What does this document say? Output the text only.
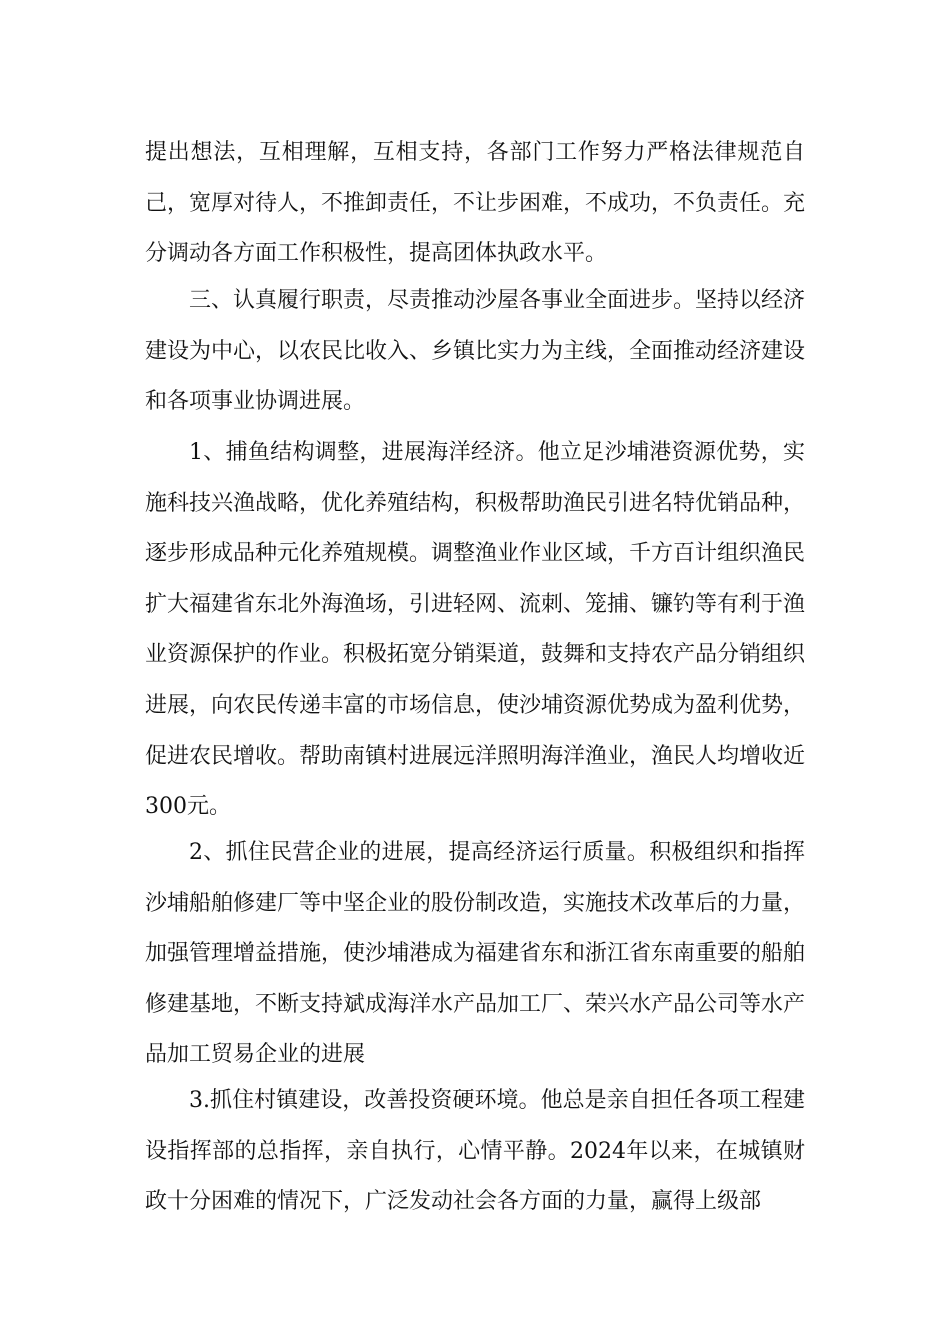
提出想法，互相理解，互相支持，各部门工作努力严格法律规范自己，宽厚对待人，不推卸责任，不让步困难，不成功，不负责任。充分调动各方面工作积极性，提高团体执政水平。

三、认真履行职责，尽责推动沙屋各事业全面进步。坚持以经济建设为中心，以农民比收入、乡镇比实力为主线，全面推动经济建设和各项事业协调进展。

1、捕鱼结构调整，进展海洋经济。他立足沙埔港资源优势，实施科技兴渔战略，优化养殖结构，积极帮助渔民引进名特优销品种，逐步形成品种元化养殖规模。调整渔业作业区域，千方百计组织渔民扩大福建省东北外海渔场，引进轻网、流刺、笼捕、镰钓等有利于渔业资源保护的作业。积极拓宽分销渠道，鼓舞和支持农产品分销组织进展，向农民传递丰富的市场信息，使沙埔资源优势成为盈利优势，促进农民增收。帮助南镇村进展远洋照明海洋渔业，渔民人均增收近300元。

2、抓住民营企业的进展，提高经济运行质量。积极组织和指挥沙埔船舶修建厂等中坚企业的股份制改造，实施技术改革后的力量，加强管理增益措施，使沙埔港成为福建省东和浙江省东南重要的船舶修建基地，不断支持斌成海洋水产品加工厂、荣兴水产品公司等水产品加工贸易企业的进展

3.抓住村镇建设，改善投资硬环境。他总是亲自担任各项工程建设指挥部的总指挥，亲自执行，心情平静。2024年以来，在城镇财政十分困难的情况下，广泛发动社会各方面的力量，赢得上级部
